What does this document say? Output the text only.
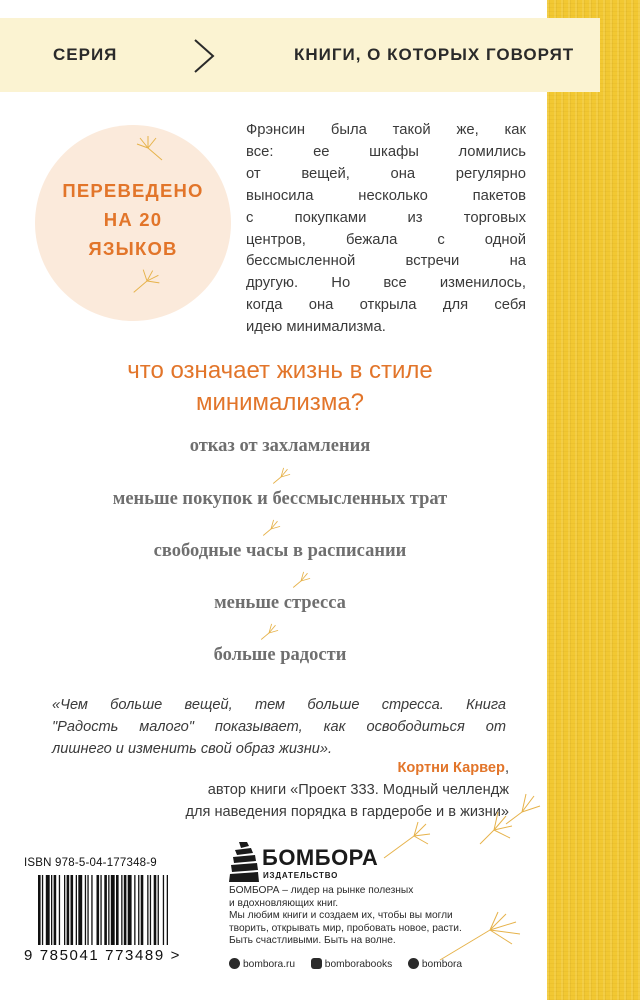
СЕРИЯ	КНИГИ, О КОТОРЫХ ГОВОРЯТ
ПЕРЕВЕДЕНО
НА 20
ЯЗЫКОВ
Фрэнсин была такой же, как
все: ее шкафы ломились
от вещей, она регулярно
выносила несколько пакетов
с покупками из торговых
центров, бежала с одной
бессмысленной встречи на
другую. Но все изменилось,
когда она открыла для себя
идею минимализма.
что означает жизнь в стиле
минимализма?
отказ от захламления
меньше покупок и бессмысленных трат
свободные часы в расписании
меньше стресса
больше радости
«Чем больше вещей, тем больше стресса. Книга
"Радость малого" показывает, как освободиться от
лишнего и изменить свой образ жизни».
Кортни Карвер,
автор книги «Проект 333. Модный челлендж
для наведения порядка в гардеробе и в жизни»
ISBN 978-5-04-177348-9
9 785041 773489 >
БОМБОРА
ИЗДАТЕЛЬСТВО
БОМБОРА – лидер на рынке полезных
и вдохновляющих книг.
Мы любим книги и создаем их, чтобы вы могли
творить, открывать мир, пробовать новое, расти.
Быть счастливыми. Быть на волне.
bombora.ru	bomborabooks	bombora
